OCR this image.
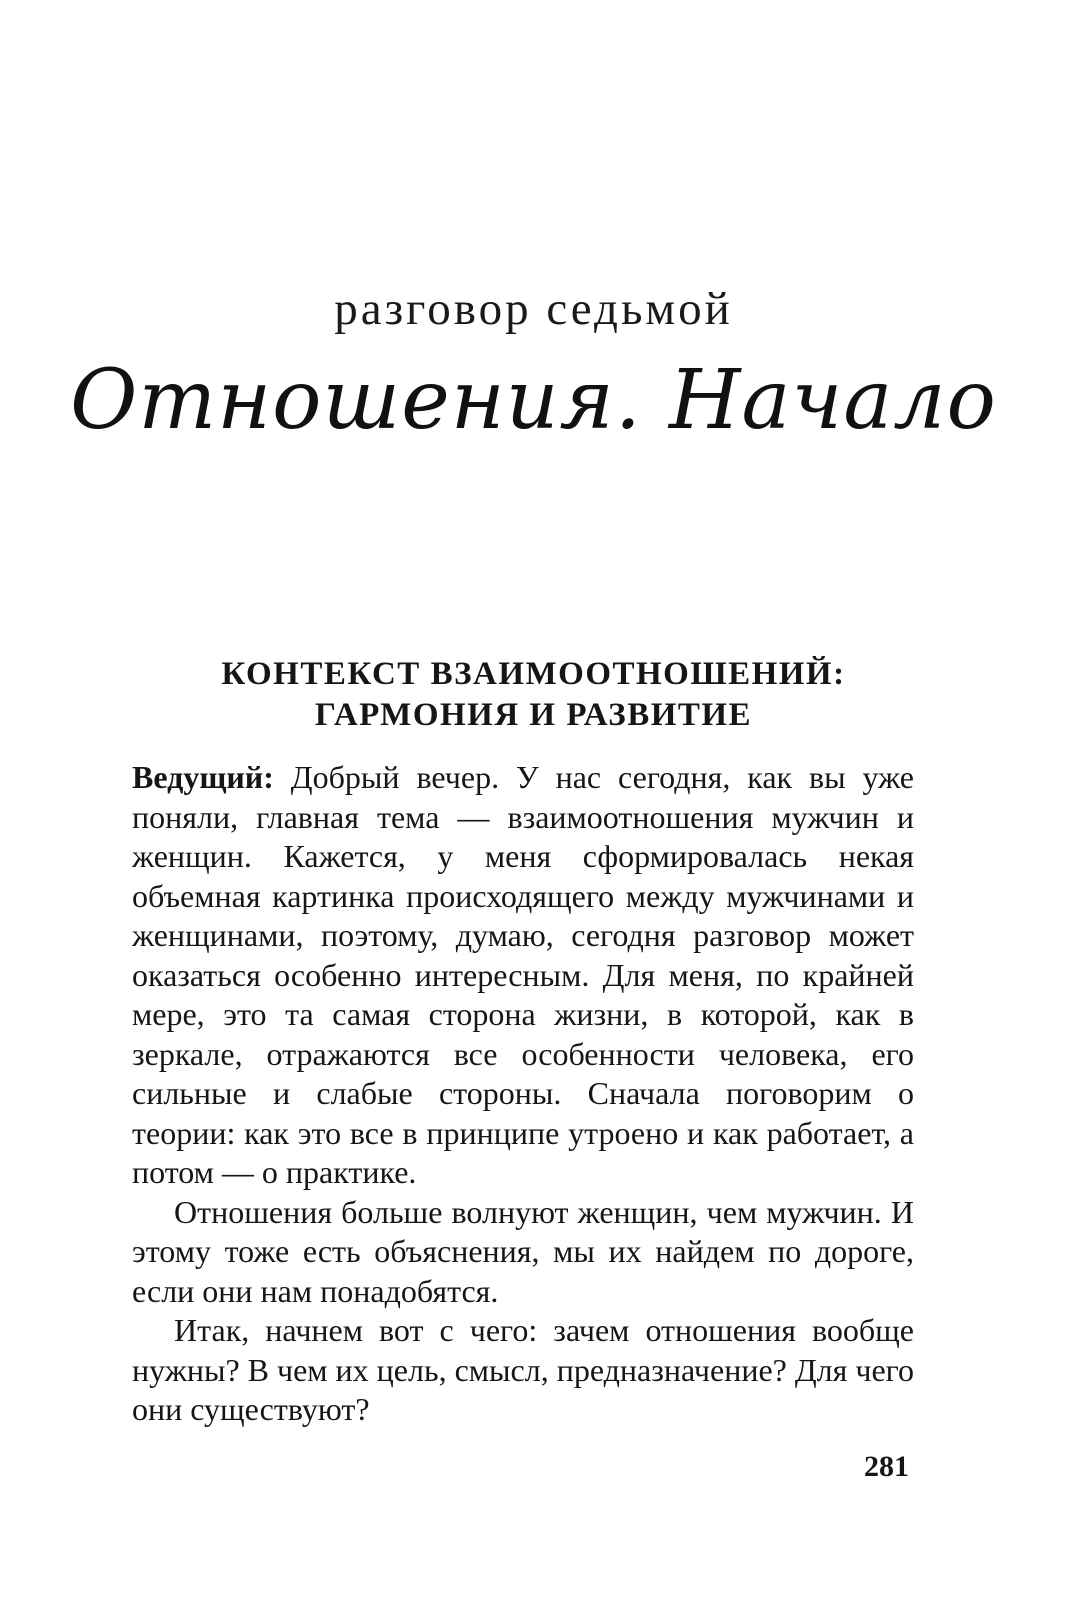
разговор седьмой
Отношения. Начало
КОНТЕКСТ ВЗАИМООТНОШЕНИЙ:
ГАРМОНИЯ И РАЗВИТИЕ

Ведущий: Добрый вечер. У нас сегодня, как вы уже поняли, главная тема — взаимоотношения мужчин и женщин. Кажется, у меня сформировалась некая объемная картинка происходящего между мужчинами и женщинами, поэтому, думаю, сегодня разговор может оказаться особенно интересным. Для меня, по крайней мере, это та самая сторона жизни, в которой, как в зеркале, отражаются все особенности человека, его сильные и слабые стороны. Сначала поговорим о теории: как это все в принципе утроено и как работает, а потом — о практике.

Отношения больше волнуют женщин, чем мужчин. И этому тоже есть объяснения, мы их найдем по дороге, если они нам понадобятся.

Итак, начнем вот с чего: зачем отношения вообще нужны? В чем их цель, смысл, предназначение? Для чего они существуют?

281
